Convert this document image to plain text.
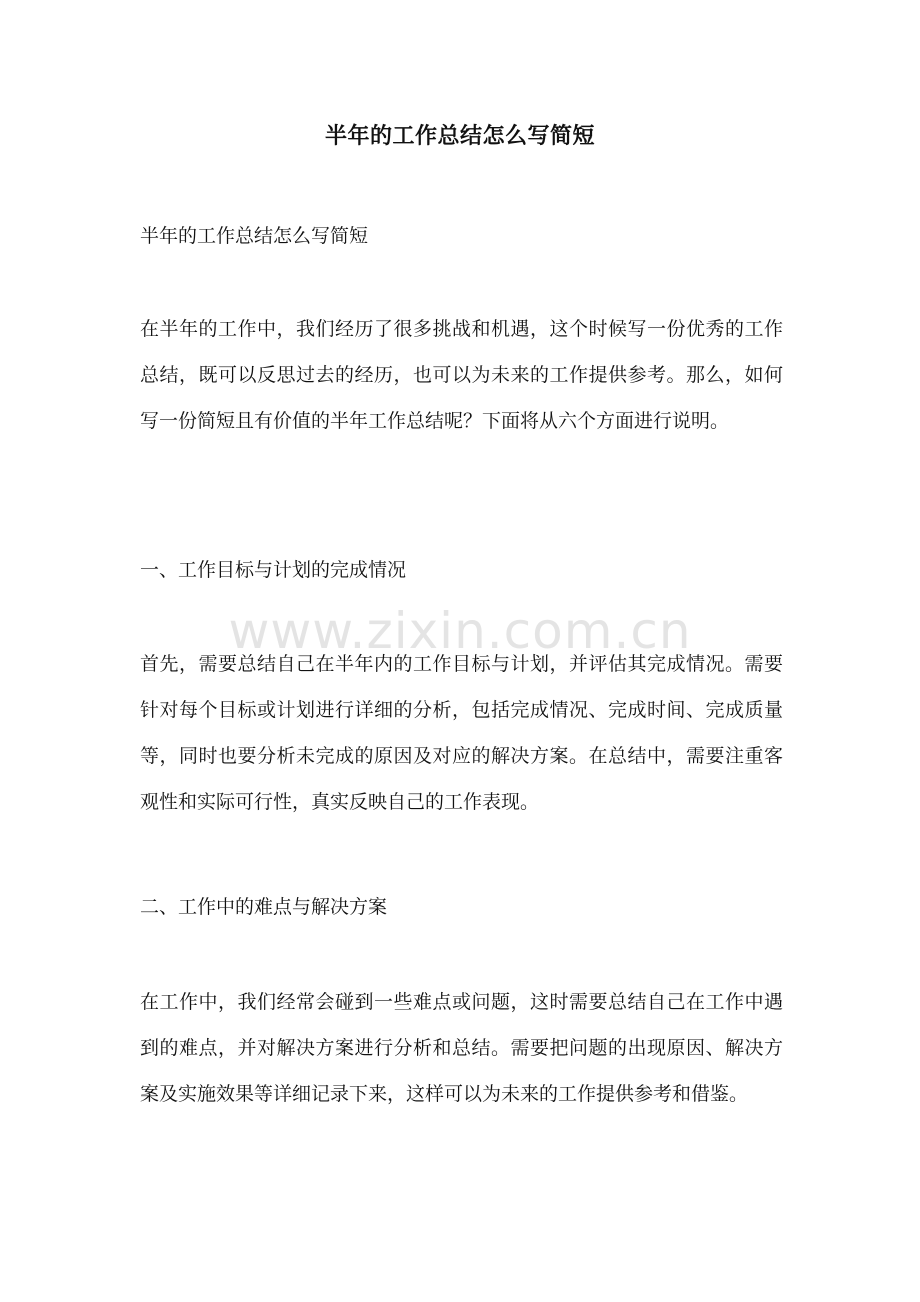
半年的工作总结怎么写简短

半年的工作总结怎么写简短

在半年的工作中，我们经历了很多挑战和机遇，这个时候写一份优秀的工作总结，既可以反思过去的经历，也可以为未来的工作提供参考。那么，如何写一份简短且有价值的半年工作总结呢？下面将从六个方面进行说明。

一、工作目标与计划的完成情况

首先，需要总结自己在半年内的工作目标与计划，并评估其完成情况。需要针对每个目标或计划进行详细的分析，包括完成情况、完成时间、完成质量等，同时也要分析未完成的原因及对应的解决方案。在总结中，需要注重客观性和实际可行性，真实反映自己的工作表现。

二、工作中的难点与解决方案

在工作中，我们经常会碰到一些难点或问题，这时需要总结自己在工作中遇到的难点，并对解决方案进行分析和总结。需要把问题的出现原因、解决方案及实施效果等详细记录下来，这样可以为未来的工作提供参考和借鉴。

www.zixin.com.cn
